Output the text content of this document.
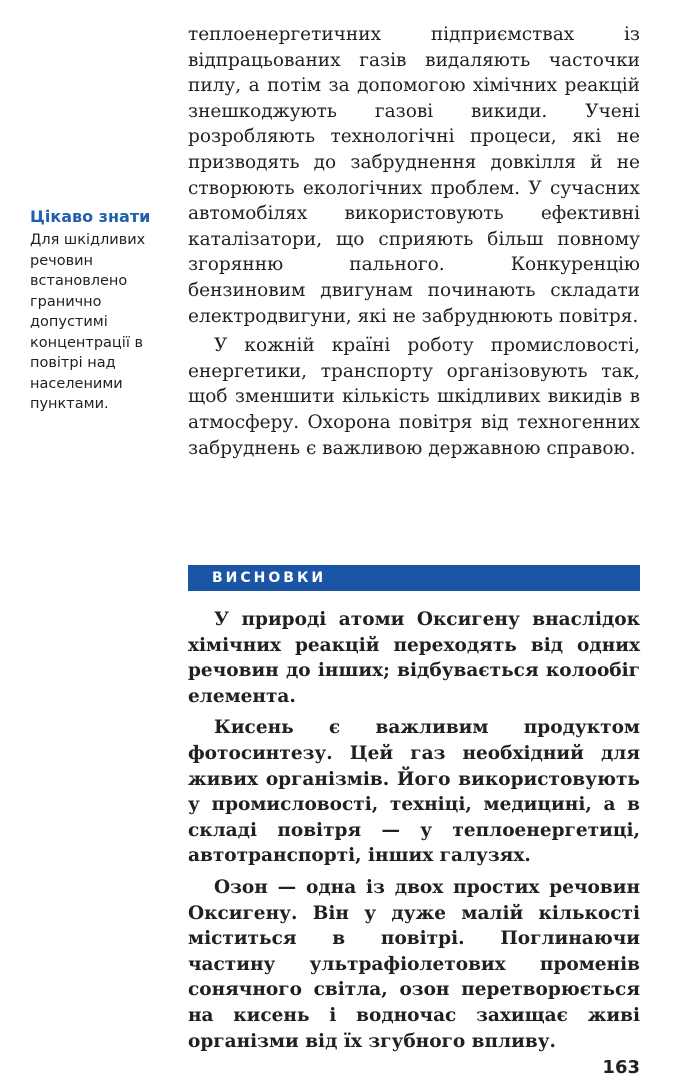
теплоенергетичних підприємствах із відпрацьованих газів видаляють часточки пилу, а потім за допомогою хімічних реакцій знешкоджують газові викиди. Учені розробляють технологічні процеси, які не призводять до забруднення довкілля й не створюють екологічних проблем. У сучасних автомобілях використовують ефективні каталізатори, що сприяють більш повному згорянню пального. Конкуренцію бензиновим двигунам починають складати електродвигуни, які не забруднюють повітря.

У кожній країні роботу промисловості, енергетики, транспорту організовують так, щоб зменшити кількість шкідливих викидів в атмосферу. Охорона повітря від техногенних забруднень є важливою державною справою.

Цікаво знати
Для шкідливих речовин встановлено гранично допустимі концентрації в повітрі над населеними пунктами.
ВИСНОВКИ

У природі атоми Оксигену внаслідок хімічних реакцій переходять від одних речовин до інших; відбувається колообіг елемента.

Кисень є важливим продуктом фотосинтезу. Цей газ необхідний для живих організмів. Його використовують у промисловості, техніці, медицині, а в складі повітря — у теплоенергетиці, автотранспорті, інших галузях.

Озон — одна із двох простих речовин Оксигену. Він у дуже малій кількості міститься в повітрі. Поглинаючи частину ультрафіолетових променів сонячного світла, озон перетворюється на кисень і водночас захищає живі організми від їх згубного впливу.

163
